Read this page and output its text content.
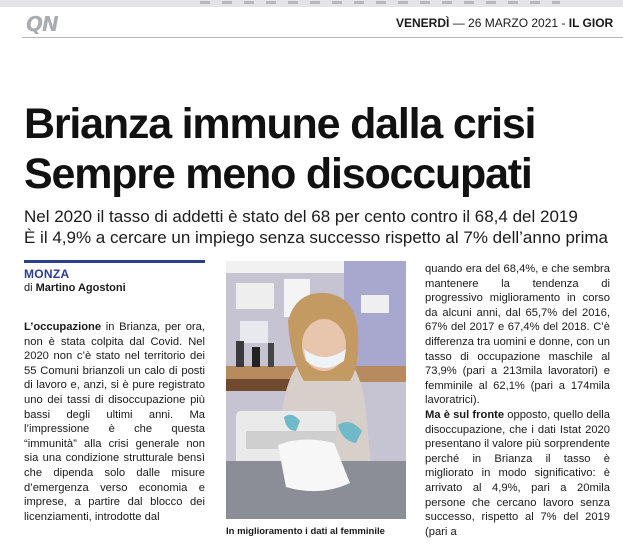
QN	VENERDÌ — 26 MARZO 2021 - IL GIOR
Brianza immune dalla crisi
Sempre meno disoccupati
Nel 2020 il tasso di addetti è stato del 68 per cento contro il 68,4 del 2019
È il 4,9% a cercare un impiego senza successo rispetto al 7% dell’anno prima
MONZA
di Martino Agostoni

L’occupazione in Brianza, per ora, non è stata colpita dal Covid. Nel 2020 non c’è stato nel territorio dei 55 Comuni brianzoli un calo di posti di lavoro e, anzi, si è pure registrato uno dei tassi di disoccupazione più bassi degli ultimi anni. Ma l’impressione è che questa “immunità” alla crisi generale non sia una condizione strutturale bensì che dipenda solo dalle misure d’emergenza verso economia e imprese, a partire dal blocco dei licenziamenti, introdotte dal

In miglioramento i dati al femminile

quando era del 68,4%, e che sembra mantenere la tendenza di progressivo miglioramento in corso da alcuni anni, dal 65,7% del 2016, 67% del 2017 e 67,4% del 2018. C’è differenza tra uomini e donne, con un tasso di occupazione maschile al 73,9% (pari a 213mila lavoratori) e femminile al 62,1% (pari a 174mila lavoratrici).

Ma è sul fronte opposto, quello della disoccupazione, che i dati Istat 2020 presentano il valore più sorprendente perché in Brianza il tasso è migliorato in modo significativo: è arrivato al 4,9%, pari a 20mila persone che cercano lavoro senza successo, rispetto al 7% del 2019 (pari a
